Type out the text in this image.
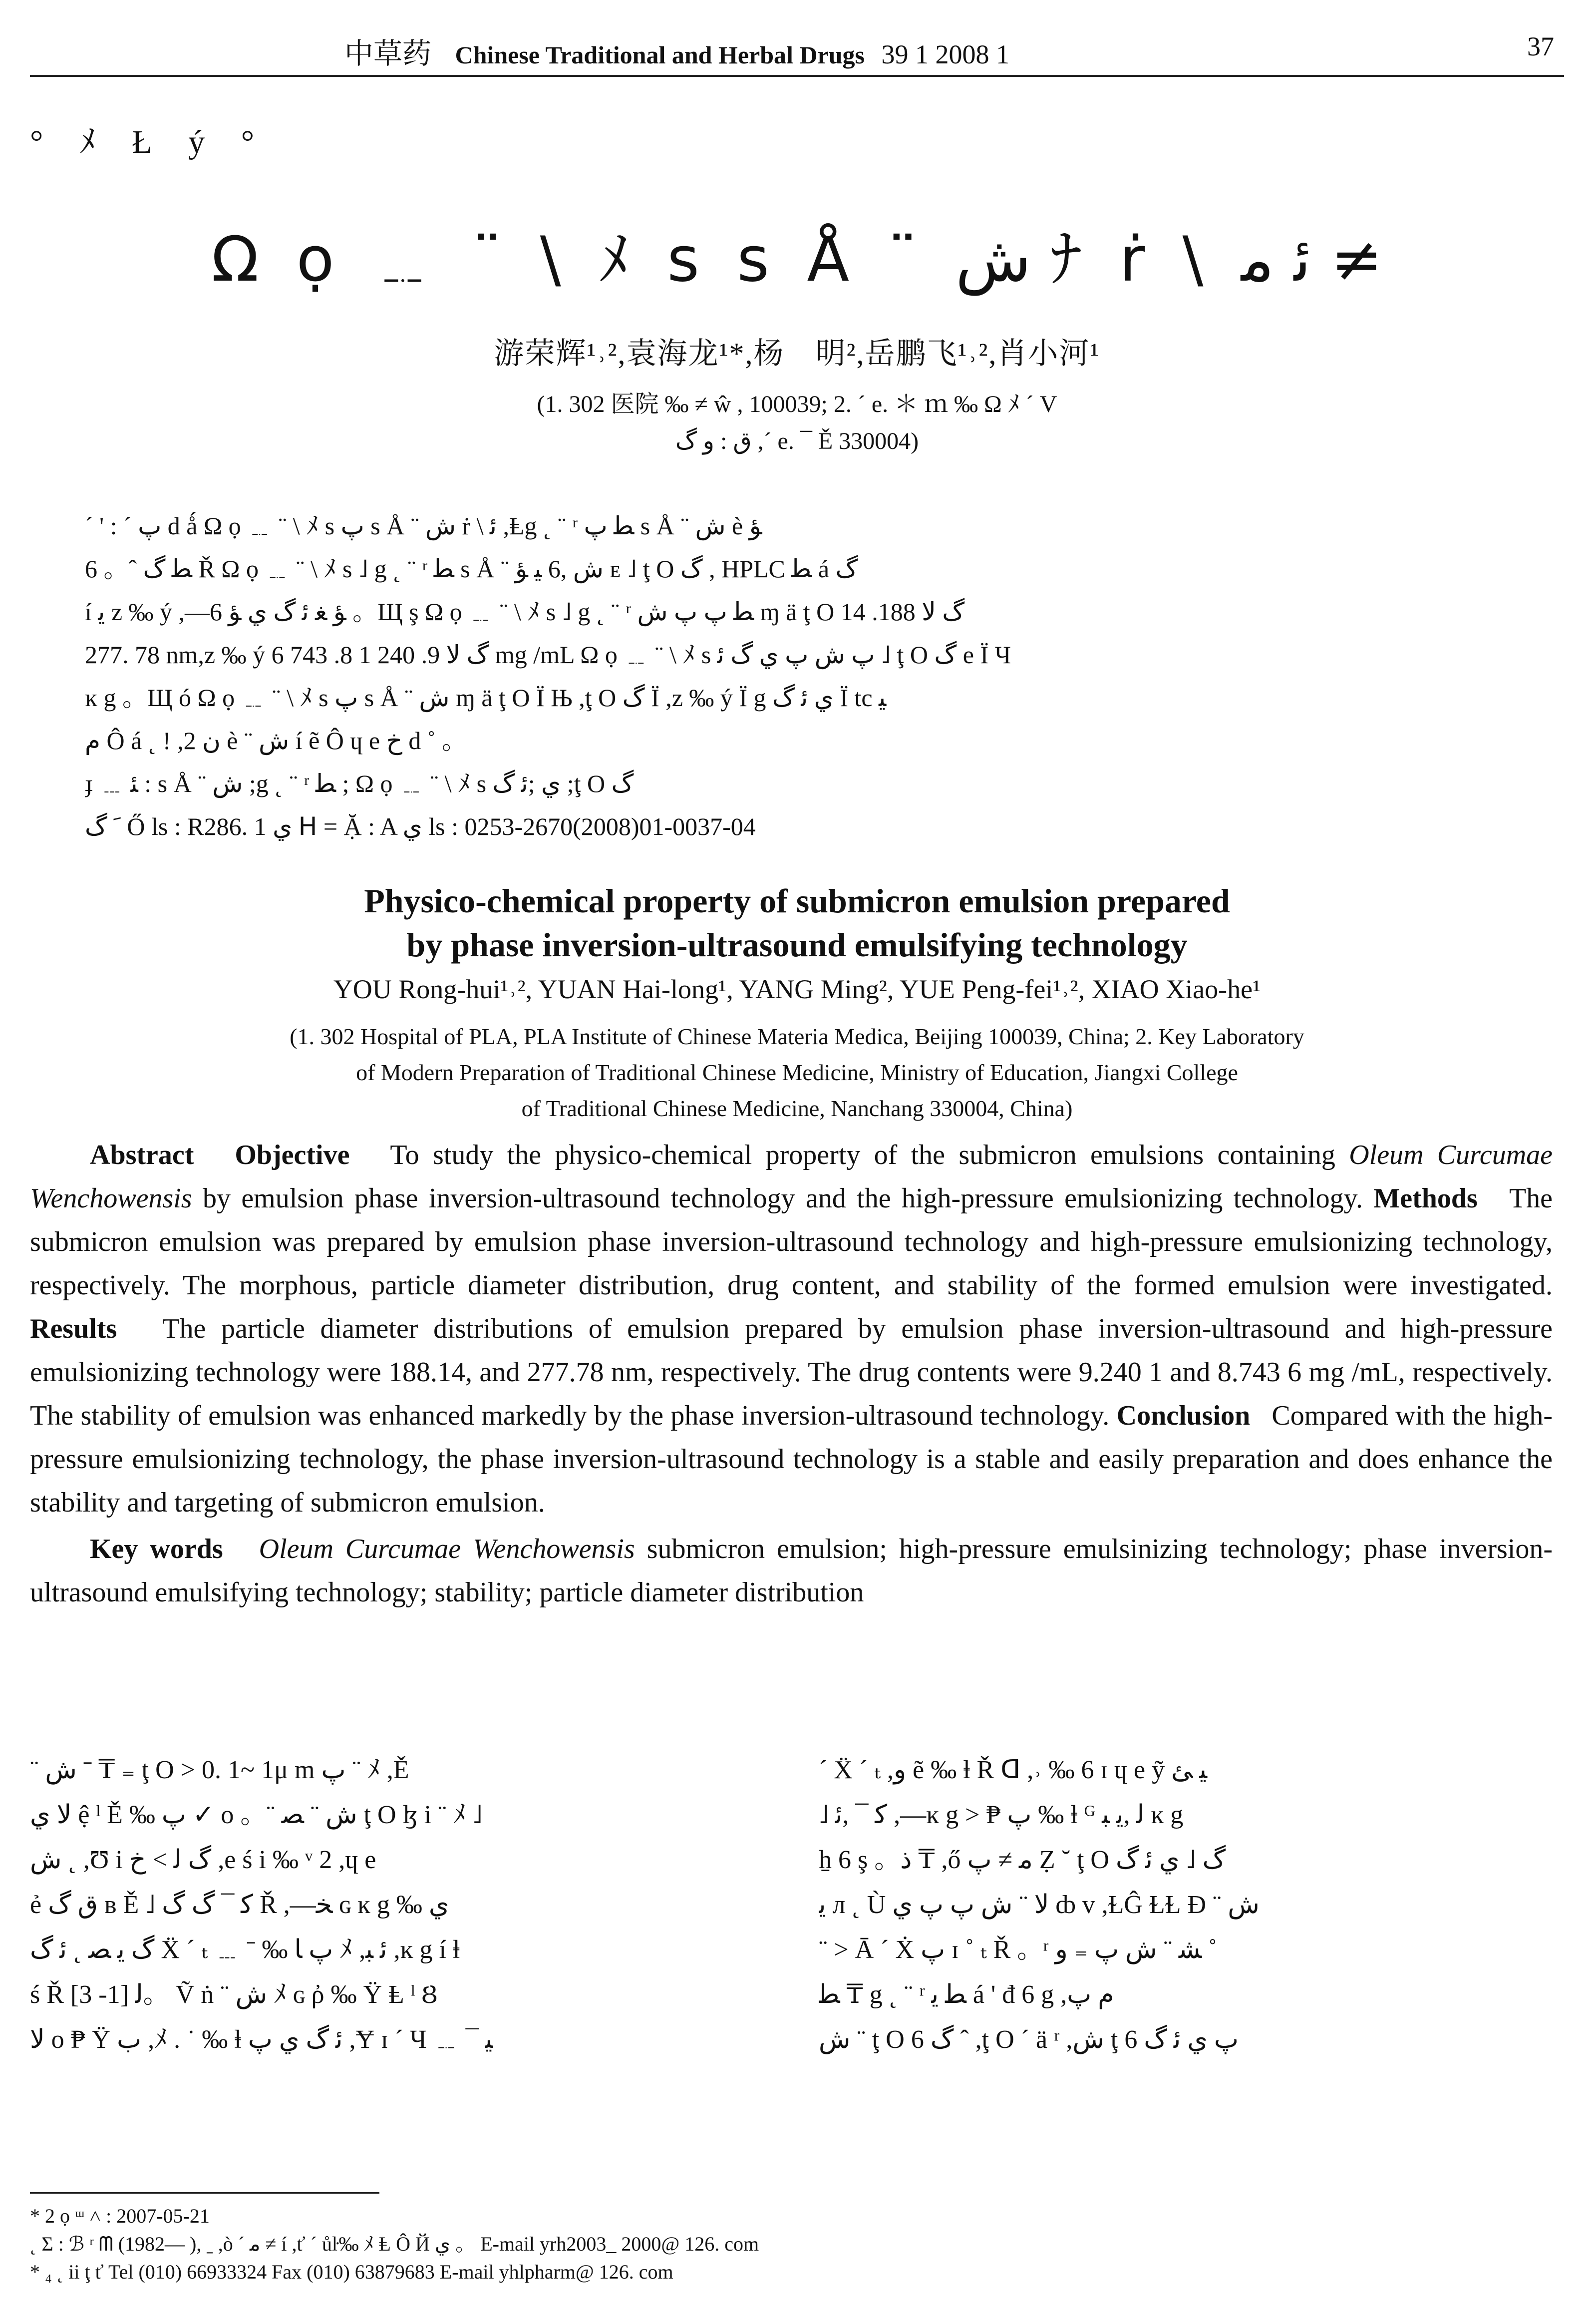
中草药 Chinese Traditional and Herbal Drugs 39 1 2008 1	37
° ﾒ Ł ý °
Ω ọ ﹎ ¨ \ ﾒ s s Å ¨ ش ﾅ ṙ \ ﺋ ﻣ ≠
游荣辉¹˒²,袁海龙¹*,杨　明²,岳鹏飞¹˒²,肖小河¹
(1. 302 医院 ‰ ≠ ŵ , 100039; 2. ˊ e. ＊ ｍ ‰ Ω ﾒ ˊ V
ﻕ : ﻭ ﮒ ,ˊ e. ¯ Ě 330004)
ˊ ' : ˊ ﭖ d ǻ Ω ọ ﹎ ¨ \ ﾒ s ﭖ s Å ¨ ش ṙ \ ﺋ ,Ⱡg ˛ ¨ ʳ ﻄ ﭖ s Å ¨ ش è ﺆ
6 。ˆ ﻄ ﮒ Ř Ω ọ ﹎ ¨ \ ﾒ s ˩ g ˛ ¨ ʳ ﻄ s Å ¨ ش ,6 ﻴ ﺆ ᴇ ˩ ţ O ﮒ , HPLC ﻄ á ﮒ
í ﻳ z ‰ ý ,—ﺆ ﻐ ﺋ ﮒ ﻱ ﺆ 6 。Щ ş Ω ọ ﹎ ¨ \ ﾒ s ˩ g ˛ ¨ ʳ ﻄ ﭖ ﭖ ش ɱ ä ţ O ﮒ ﻻ 188. 14
277. 78 nm,z ‰ ý ﮒ ﻻ 9. 240 1 8. 743 6 mg /mL Ω ọ ﹎ ¨ \ ﾒ s ﭖ ش ﭖ ﻱ ﮒ ﺋ ˩ ţ O ﮒ e Ï Ч
ĸ g 。Щ ó Ω ọ ﹎ ¨ \ ﾒ s ﭖ s Å ¨ ش ɱ ä ţ O Ï Њ ,ţ O ﮒ Ï ,z ‰ ý Ï g ﻱ ﺋ ﮒ Ï tc ﻴ
ﻡ Ô á ˛ ! ,ﻥ 2 è ¨ ش í ẽ Ô ɥ e ﺥ d ˚ 。
ɟ ﹍ ﺌ : s Å ¨ ش ;g ˛ ¨ ʳ ﻄ ; Ω ọ ﹎ ¨ \ ﾒ s ﻱ ;ﺋ ﮒ ;ţ O ﮒ
ﹶ ﮒ Ő ls : R286. 1 ﻱ ᕼ = Ặ : A ﻱ ls : 0253-2670(2008)01-0037-04
Physico-chemical property of submicron emulsion prepared
by phase inversion-ultrasound emulsifying technology
YOU Rong-hui¹˒², YUAN Hai-long¹, YANG Ming², YUE Peng-fei¹˒², XIAO Xiao-he¹
(1. 302 Hospital of PLA, PLA Institute of Chinese Materia Medica, Beijing 100039, China; 2. Key Laboratory
of Modern Preparation of Traditional Chinese Medicine, Ministry of Education, Jiangxi College
of Traditional Chinese Medicine, Nanchang 330004, China)

Abstract Objective To study the physico-chemical property of the submicron emulsions containing Oleum Curcumae Wenchowensis by emulsion phase inversion-ultrasound technology and the high-pressure emulsionizing technology. Methods The submicron emulsion was prepared by emulsion phase inversion-ultrasound technology and high-pressure emulsionizing technology, respectively. The morphous, particle diameter distribution, drug content, and stability of the formed emulsion were investigated. Results The particle diameter distributions of emulsion prepared by emulsion phase inversion-ultrasound and high-pressure emulsionizing technology were 188.14, and 277.78 nm, respectively. The drug contents were 9.240 1 and 8.743 6 mg /mL, respectively. The stability of emulsion was enhanced markedly by the phase inversion-ultrasound technology. Conclusion Compared with the high-pressure emulsionizing technology, the phase inversion-ultrasound technology is a stable and easily preparation and does enhance the stability and targeting of submicron emulsion.

Key words Oleum Curcumae Wenchowensis submicron emulsion; high-pressure emulsinizing technology; phase inversion-ultrasound emulsifying technology; stability; particle diameter distribution

¨ ش ˉ ₸ ₌ ţ O > 0. 1~ 1μ m ﭖ ¨ ﾒ ,Ě
ﻻ ﻱ ệ ˡ Ě ‰ ﭖ ✓ o 。¨ ش ¨ ﺼ ţ O ɮ i ¨ ﾒ ˩
ش ˛ ,Ʊ i ﮒ ﻟ > ﺥ ,e ś i ‰ ᵛ 2 ,ɥ e
ẻ ﻕ ﮒ ʙ Ě ˩ ﻛ ¯ ﮒ ﮒ Ř ,—ﺨ ɢ ĸ g ‰ ﻱ
ﮒ ﻳ ﺼ ˛ ﺋ ﮒ Ẍ ˊ ₜ ﹍ ˉ ‰ ﭖ ﺎ ﾒ ,ﺋ ﺒ ,ĸ g í ⱡ
ś Ř ﻟ [1- 3]。 Ṽ ṅ ¨ ش ﾒ ɢ ῤ ‰ Ÿ Ⱡ ˡ Ȣ
ﻻ o ₱ Ÿ ﺏ ,ﾒ . ˙ ‰ ⱡ ﺋ ﮒ ﻱ ﭖ ,Ɏ ɪ ˊ Ч ﹎ ¯ ﻴ
ˊ Ẍ ˊ ₜ ,ﻭ ẽ ‰ ⱡ Ř ᗡ ,˒ ‰ 6 ɪ ɥ e ỹ ﻴ ﺊ
˩ ﻛ ¯ ,ﺋ ,—ĸ g > ₱ ﭖ ‰ ⱡ ᴳ ﻟ ,ﻳ ﺒ ĸ g
ẖ 6 ş 。ﺫ ₸ ,ő ﻣ ≠ ﭖ Ẓ ˘ ţ O ﮒ ˩ ﻱ ﺋ ﮒ
ﻳ л ˛ Ù ﻻ ¨ ش ﭖ ﭖ ﻱ ȸ v ,ⱢĜ ⱢⱢ Ɖ ¨ ش
¨ > Ā ˊ Ẋ ﭖ ɪ ˚ ₜ Ř 。ʳ ﺸ ¨ ش ﭖ ₌ و ˚
ﻄ ₸ g ˛ ¨ ʳ ﻄ ﻳ á ' đ 6 g ,ﻡ ﭖ
ش ¨ ţ O ﮒ 6 ˆ ,ţ O ˊ ä ʳ ,ﺵ ţ ﭖ ﻱ ﺋ ﮒ 6
* 2 ọ ᵚ ˄ : 2007-05-21
˛ Ʃ : ℬ ʳ ᗰ (1982— ), ˍ ,ò ˊ ﻣ ≠ í ,ť ˊ ůŀ‰ ﾒ Ⱡ Ô Й ﻱ 。 E-mail yrh2003_ 2000@ 126. com
* ₄ ˛ ii ţ ť Tel (010) 66933324 Fax (010) 63879683 E-mail yhlpharm@ 126. com
